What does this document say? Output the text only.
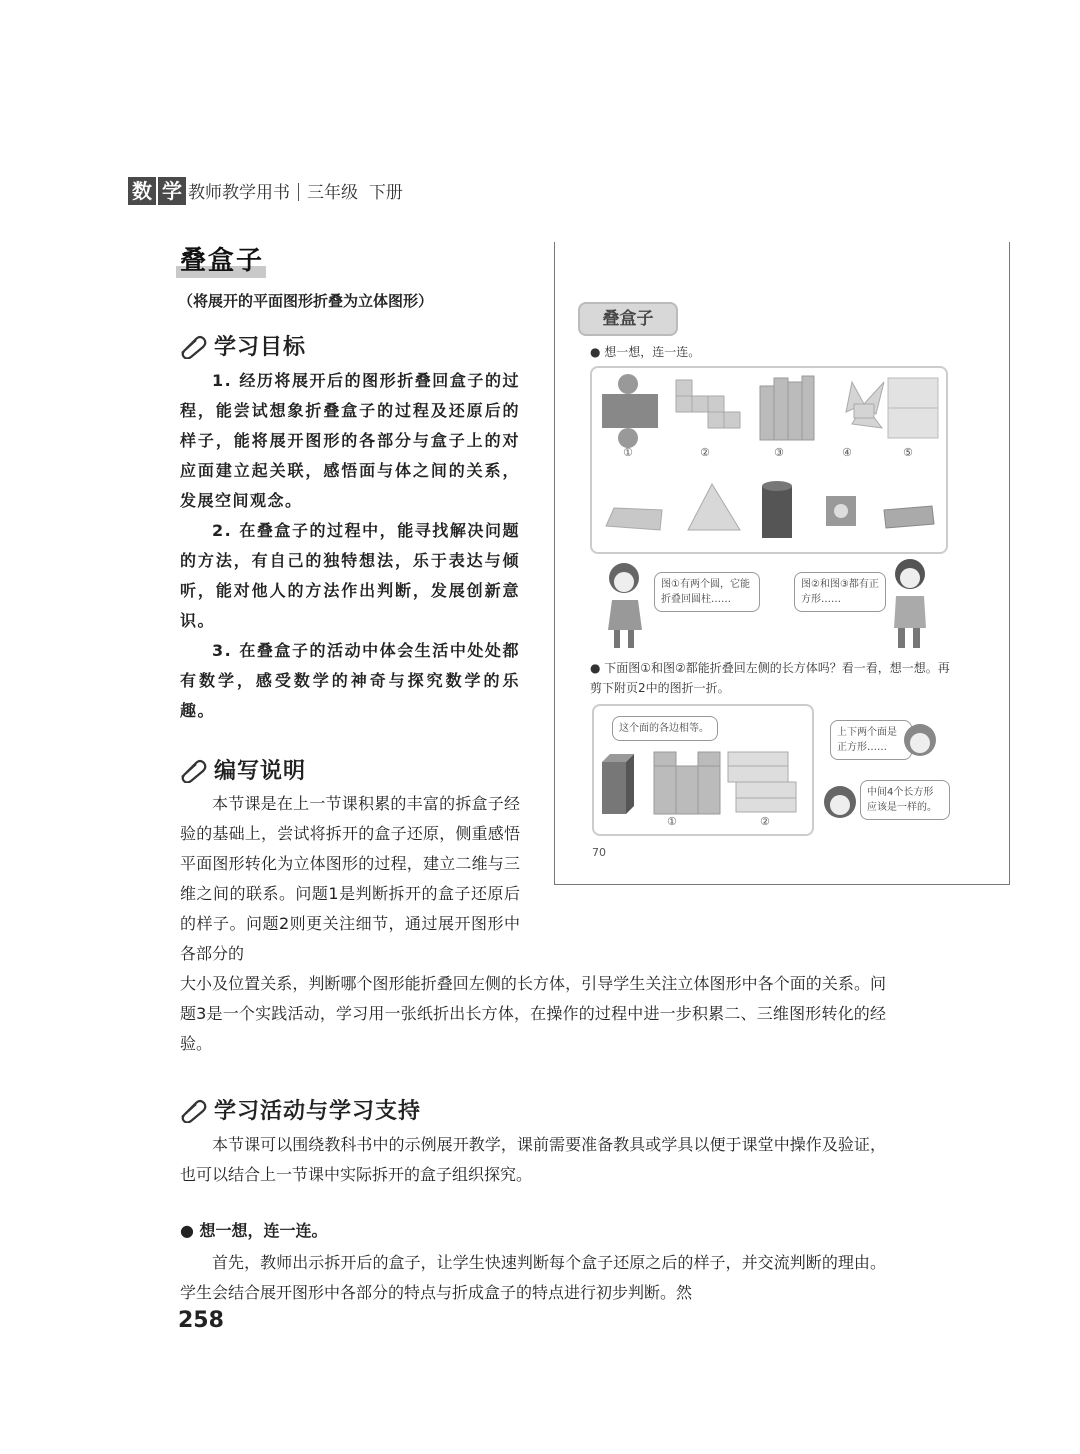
数 学 教师教学用书 三年级 下册
叠盒子
（将展开的平面图形折叠为立体图形）
学习目标

1. 经历将展开后的图形折叠回盒子的过程，能尝试想象折叠盒子的过程及还原后的样子，能将展开图形的各部分与盒子上的对应面建立起关联，感悟面与体之间的关系，发展空间观念。

2. 在叠盒子的过程中，能寻找解决问题的方法，有自己的独特想法，乐于表达与倾听，能对他人的方法作出判断，发展创新意识。

3. 在叠盒子的活动中体会生活中处处都有数学，感受数学的神奇与探究数学的乐趣。

编写说明

本节课是在上一节课积累的丰富的拆盒子经验的基础上，尝试将拆开的盒子还原，侧重感悟平面图形转化为立体图形的过程，建立二维与三维之间的联系。问题1是判断拆开的盒子还原后的样子。问题2则更关注细节，通过展开图形中各部分的

大小及位置关系，判断哪个图形能折叠回左侧的长方体，引导学生关注立体图形中各个面的关系。问题3是一个实践活动，学习用一张纸折出长方体，在操作的过程中进一步积累二、三维图形转化的经验。

学习活动与学习支持

本节课可以围绕教科书中的示例展开教学，课前需要准备教具或学具以便于课堂中操作及验证，也可以结合上一节课中实际拆开的盒子组织探究。

● 想一想，连一连。

首先，教师出示拆开后的盒子，让学生快速判断每个盒子还原之后的样子，并交流判断的理由。学生会结合展开图形中各部分的特点与折成盒子的特点进行初步判断。然

叠盒子
● 想一想，连一连。
①	②	③	④	⑤
图①有两个圆，它能折叠回圆柱……
图②和图③都有正方形……
● 下面图①和图②都能折叠回左侧的长方体吗？看一看，想一想。再剪下附页2中的图折一折。
这个面的各边相等。
①	②
上下两个面是正方形……
中间4个长方形应该是一样的。
70
258
